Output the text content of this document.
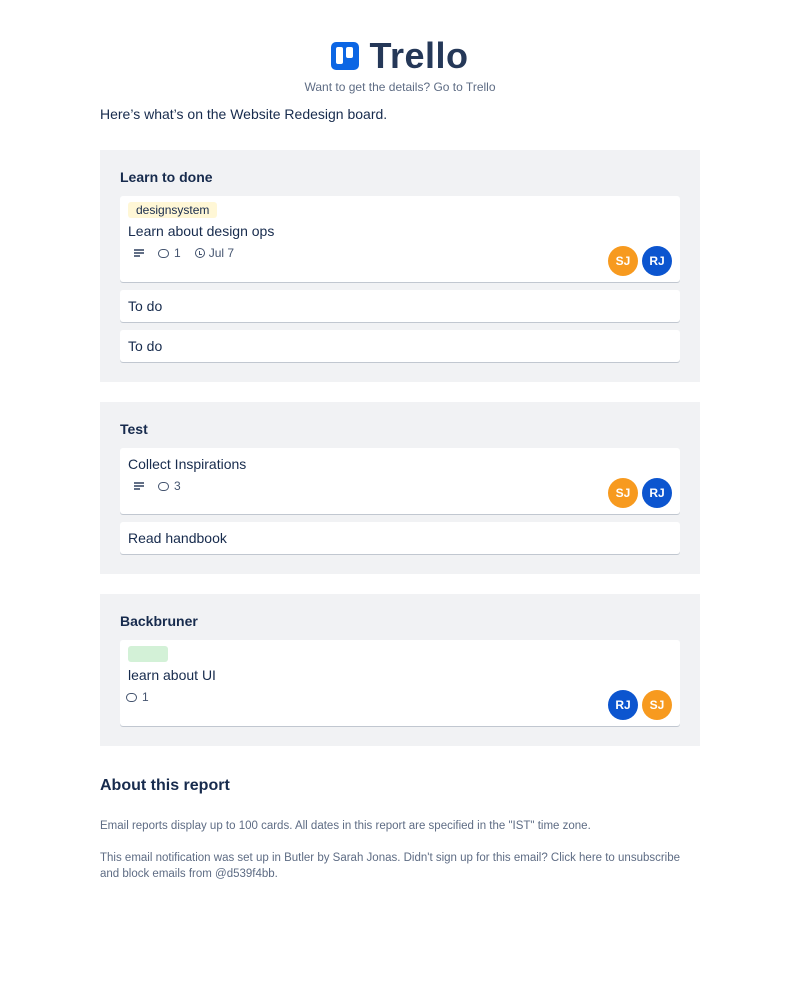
Trello
Want to get the details? Go to Trello
Here’s what’s on the Website Redesign board.
Learn to done
designsystem
Learn about design ops
1 Jul 7
SJ	RJ
To do
To do
Test
Collect Inspirations
3	SJ	RJ
Read handbook
Backbruner
learn about UI
1
RJ	SJ
About this report
Email reports display up to 100 cards. All dates in this report are specified in the "IST" time zone.
This email notification was set up in Butler by Sarah Jonas. Didn't sign up for this email? Click here to unsubscribe and block emails from @d539f4bb.
